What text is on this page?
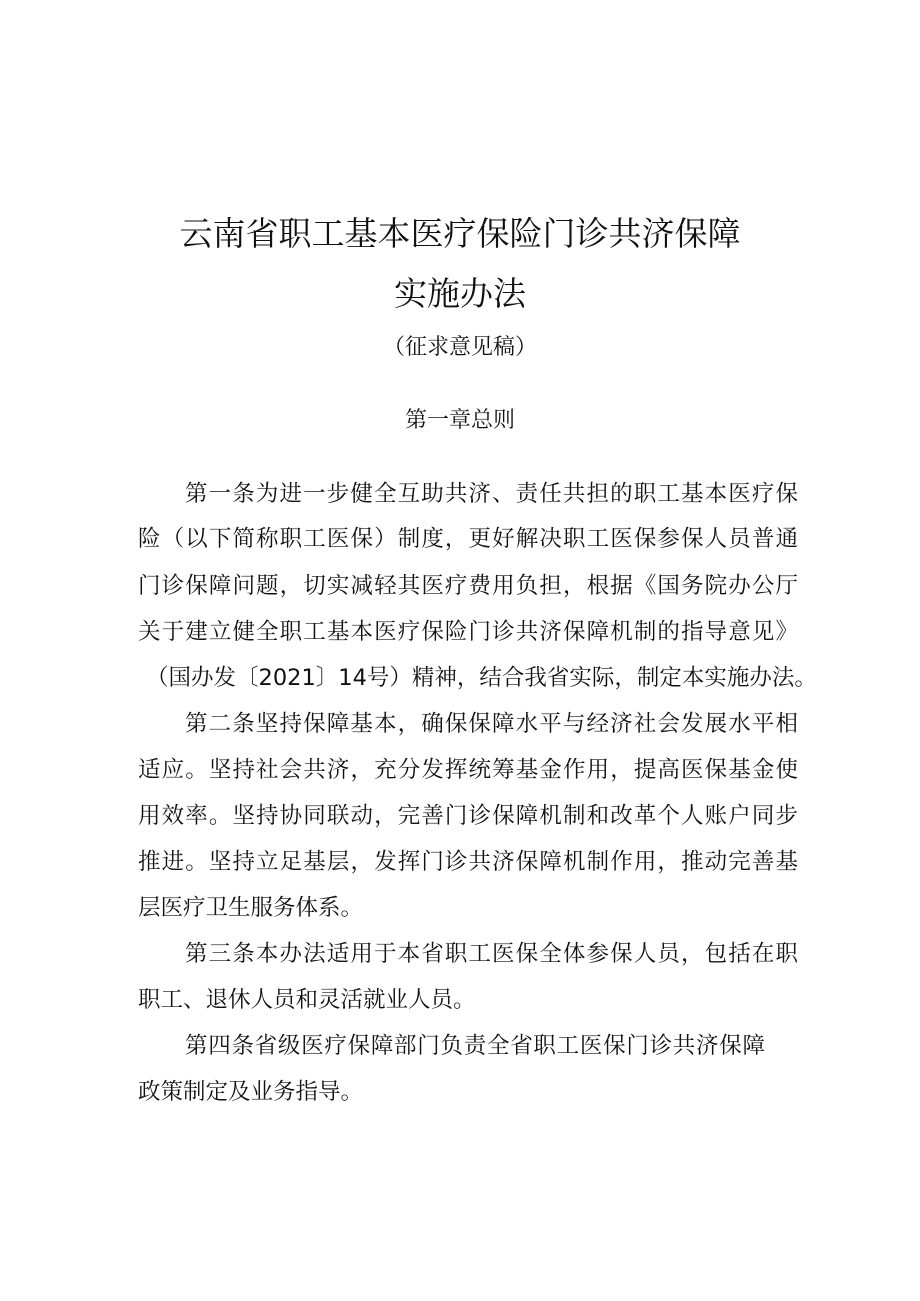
云南省职工基本医疗保险门诊共济保障
实施办法
（征求意见稿）
第一章总则
第一条为进一步健全互助共济、责任共担的职工基本医疗保
险（以下简称职工医保）制度，更好解决职工医保参保人员普通
门诊保障问题，切实减轻其医疗费用负担，根据《国务院办公厅
关于建立健全职工基本医疗保险门诊共济保障机制的指导意见》
（国办发〔2021〕14号）精神，结合我省实际，制定本实施办法。
第二条坚持保障基本，确保保障水平与经济社会发展水平相
适应。坚持社会共济，充分发挥统筹基金作用，提高医保基金使
用效率。坚持协同联动，完善门诊保障机制和改革个人账户同步
推进。坚持立足基层，发挥门诊共济保障机制作用，推动完善基
层医疗卫生服务体系。
第三条本办法适用于本省职工医保全体参保人员，包括在职
职工、退休人员和灵活就业人员。
第四条省级医疗保障部门负责全省职工医保门诊共济保障
政策制定及业务指导。
